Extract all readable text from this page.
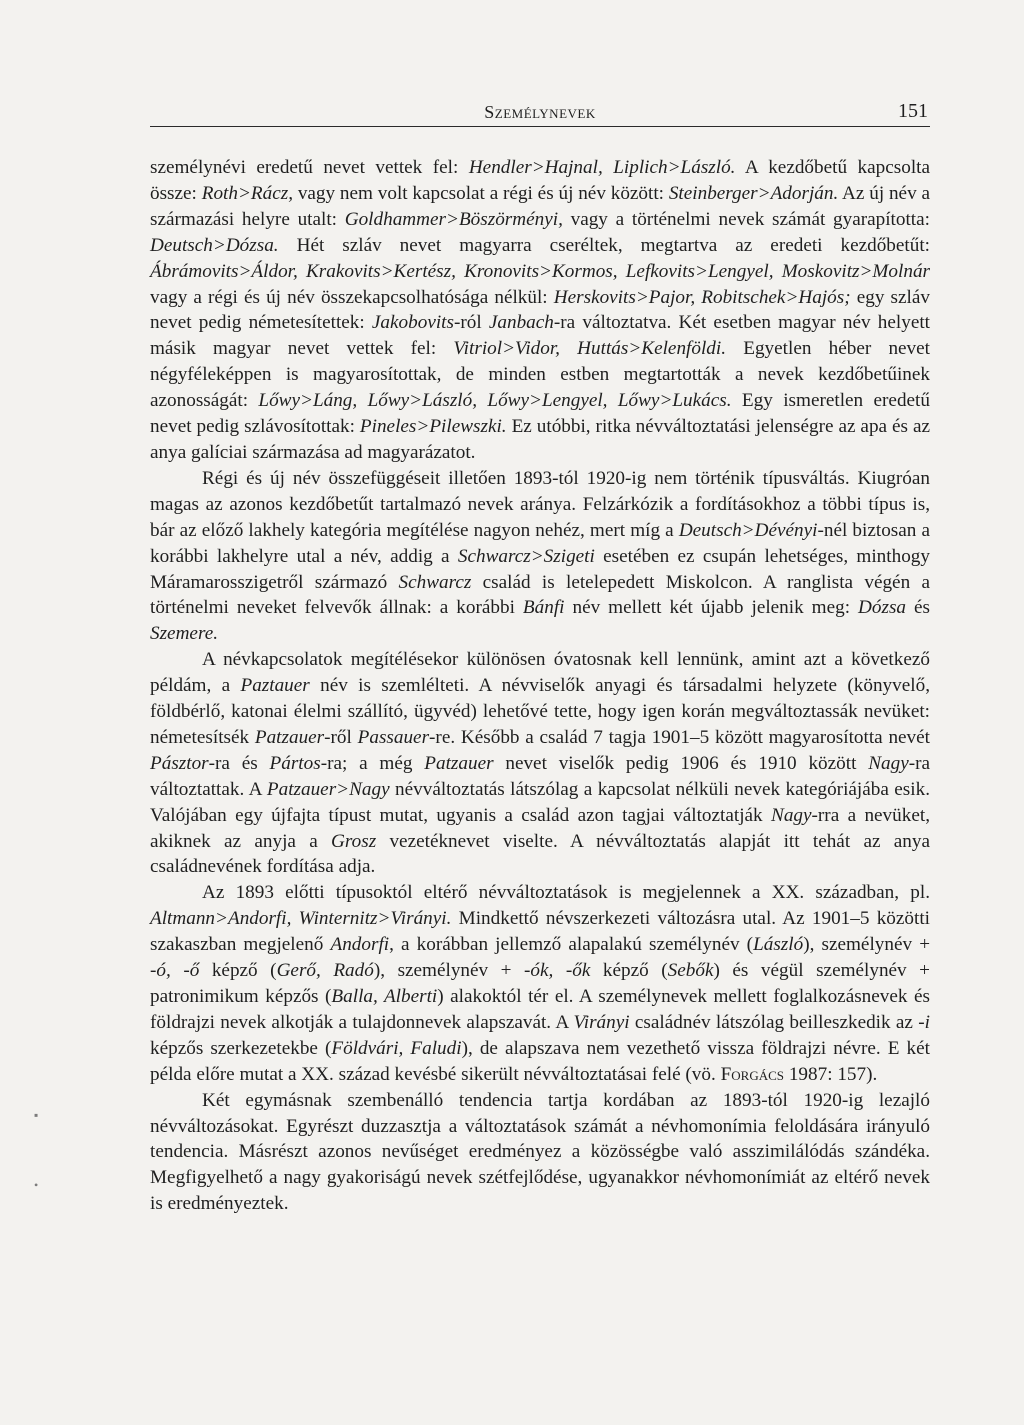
Személynevek	151

személynévi eredetű nevet vettek fel: Hendler>Hajnal, Liplich>László. A kezdőbetű kapcsolta össze: Roth>Rácz, vagy nem volt kapcsolat a régi és új név között: Steinberger>Adorján. Az új név a származási helyre utalt: Goldhammer>Böszörményi, vagy a történelmi nevek számát gyarapította: Deutsch>Dózsa. Hét szláv nevet magyarra cseréltek, megtartva az eredeti kezdőbetűt: Ábrámovits>Áldor, Krakovits>Kertész, Kronovits>Kormos, Lefkovits>Lengyel, Moskovitz>Molnár vagy a régi és új név összekapcsolhatósága nélkül: Herskovits>Pajor, Robitschek>Hajós; egy szláv nevet pedig németesítettek: Jakobovits-ról Janbach-ra változtatva. Két esetben magyar név helyett másik magyar nevet vettek fel: Vitriol>Vidor, Huttás>Kelenföldi. Egyetlen héber nevet négyféleképpen is magyarosítottak, de minden estben megtartották a nevek kezdőbetűinek azonosságát: Lőwy>Láng, Lőwy>László, Lőwy>Lengyel, Lőwy>Lukács. Egy ismeretlen eredetű nevet pedig szlávosítottak: Pineles>Pilewszki. Ez utóbbi, ritka névváltoztatási jelenségre az apa és az anya galíciai származása ad magyarázatot.

Régi és új név összefüggéseit illetően 1893-tól 1920-ig nem történik típusváltás. Kiugróan magas az azonos kezdőbetűt tartalmazó nevek aránya. Felzárkózik a fordításokhoz a többi típus is, bár az előző lakhely kategória megítélése nagyon nehéz, mert míg a Deutsch>Dévényi-nél biztosan a korábbi lakhelyre utal a név, addig a Schwarcz>Szigeti esetében ez csupán lehetséges, minthogy Máramarosszigetről származó Schwarcz család is letelepedett Miskolcon. A ranglista végén a történelmi neveket felvevők állnak: a korábbi Bánfi név mellett két újabb jelenik meg: Dózsa és Szemere.

A névkapcsolatok megítélésekor különösen óvatosnak kell lennünk, amint azt a következő példám, a Paztauer név is szemlélteti. A névviselők anyagi és társadalmi helyzete (könyvelő, földbérlő, katonai élelmi szállító, ügyvéd) lehetővé tette, hogy igen korán megváltoztassák nevüket: németesítsék Patzauer-ről Passauer-re. Később a család 7 tagja 1901–5 között magyarosította nevét Pásztor-ra és Pártos-ra; a még Patzauer nevet viselők pedig 1906 és 1910 között Nagy-ra változtattak. A Patzauer>Nagy névváltoztatás látszólag a kapcsolat nélküli nevek kategóriájába esik. Valójában egy újfajta típust mutat, ugyanis a család azon tagjai változtatják Nagy-rra a nevüket, akiknek az anyja a Grosz vezetéknevet viselte. A névváltoztatás alapját itt tehát az anya családnevének fordítása adja.

Az 1893 előtti típusoktól eltérő névváltoztatások is megjelennek a XX. században, pl. Altmann>Andorfi, Winternitz>Virányi. Mindkettő névszerkezeti változásra utal. Az 1901–5 közötti szakaszban megjelenő Andorfi, a korábban jellemző alapalakú személynév (László), személynév + -ó, -ő képző (Gerő, Radó), személynév + -ók, -ők képző (Sebők) és végül személynév + patronimikum képzős (Balla, Alberti) alakoktól tér el. A személynevek mellett foglalkozásnevek és földrajzi nevek alkotják a tulajdonnevek alapszavát. A Virányi családnév látszólag beilleszkedik az -i képzős szerkezetekbe (Földvári, Faludi), de alapszava nem vezethető vissza földrajzi névre. E két példa előre mutat a XX. század kevésbé sikerült névváltoztatásai felé (vö. Forgács 1987: 157).

Két egymásnak szembenálló tendencia tartja kordában az 1893-tól 1920-ig lezajló névváltozásokat. Egyrészt duzzasztja a változtatások számát a névhomonímia feloldására irányuló tendencia. Másrészt azonos nevűséget eredményez a közösségbe való asszimilálódás szándéka. Megfigyelhető a nagy gyakoriságú nevek szétfejlődése, ugyanakkor névhomonímiát az eltérő nevek is eredményeztek.

▪
•
